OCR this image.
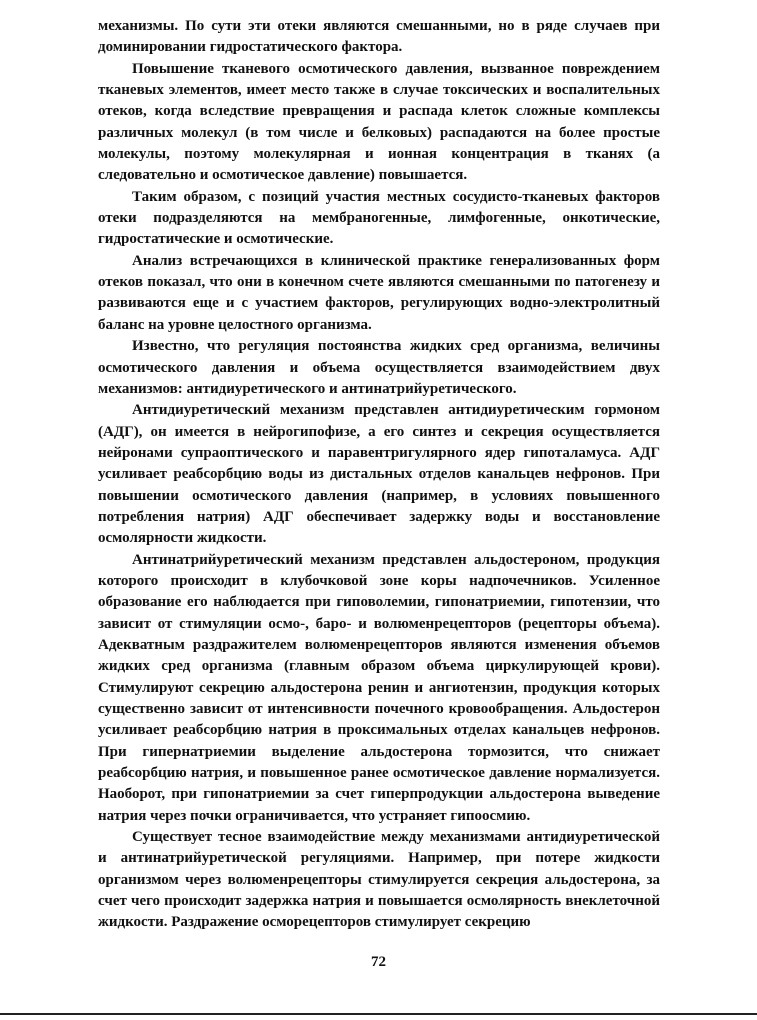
механизмы. По сути эти отеки являются смешанными, но в ряде случаев при доминировании гидростатического фактора.

Повышение тканевого осмотического давления, вызванное повреждением тканевых элементов, имеет место также в случае токсических и воспалительных отеков, когда вследствие превращения и распада клеток сложные комплексы различных молекул (в том числе и белковых) распадаются на более простые молекулы, поэтому молекулярная и ионная концентрация в тканях (а следовательно и осмотическое давление) повышается.

Таким образом, с позиций участия местных сосудисто-тканевых факторов отеки подразделяются на мембраногенные, лимфогенные, онкотические, гидростатические и осмотические.

Анализ встречающихся в клинической практике генерализованных форм отеков показал, что они в конечном счете являются смешанными по патогенезу и развиваются еще и с участием факторов, регулирующих водно-электролитный баланс на уровне целостного организма.

Известно, что регуляция постоянства жидких сред организма, величины осмотического давления и объема осуществляется взаимодействием двух механизмов: антидиуретического и антинатрийуретического.

Антидиуретический механизм представлен антидиуретическим гормоном (АДГ), он имеется в нейрогипофизе, а его синтез и секреция осуществляется нейронами супраоптического и паравентригулярного ядер гипоталамуса. АДГ усиливает реабсорбцию воды из дистальных отделов канальцев нефронов. При повышении осмотического давления (например, в условиях повышенного потребления натрия) АДГ обеспечивает задержку воды и восстановление осмолярности жидкости.

Антинатрийуретический механизм представлен альдостероном, продукция которого происходит в клубочковой зоне коры надпочечников. Усиленное образование его наблюдается при гиповолемии, гипонатриемии, гипотензии, что зависит от стимуляции осмо-, баро- и волюменрецепторов (рецепторы объема). Адекватным раздражителем волюменрецепторов являются изменения объемов жидких сред организма (главным образом объема циркулирующей крови). Стимулируют секрецию альдостерона ренин и ангиотензин, продукция которых существенно зависит от интенсивности почечного кровообращения. Альдостерон усиливает реабсорбцию натрия в проксимальных отделах канальцев нефронов. При гипернатриемии выделение альдостерона тормозится, что снижает реабсорбцию натрия, и повышенное ранее осмотическое давление нормализуется. Наоборот, при гипонатриемии за счет гиперпродукции альдостерона выведение натрия через почки ограничивается, что устраняет гипоосмию.

Существует тесное взаимодействие между механизмами антидиуретической и антинатрийуретической регуляциями. Например, при потере жидкости организмом через волюменрецепторы стимулируется секреция альдостерона, за счет чего происходит задержка натрия и повышается осмолярность внеклеточной жидкости. Раздражение осморецепторов стимулирует секрецию

72
